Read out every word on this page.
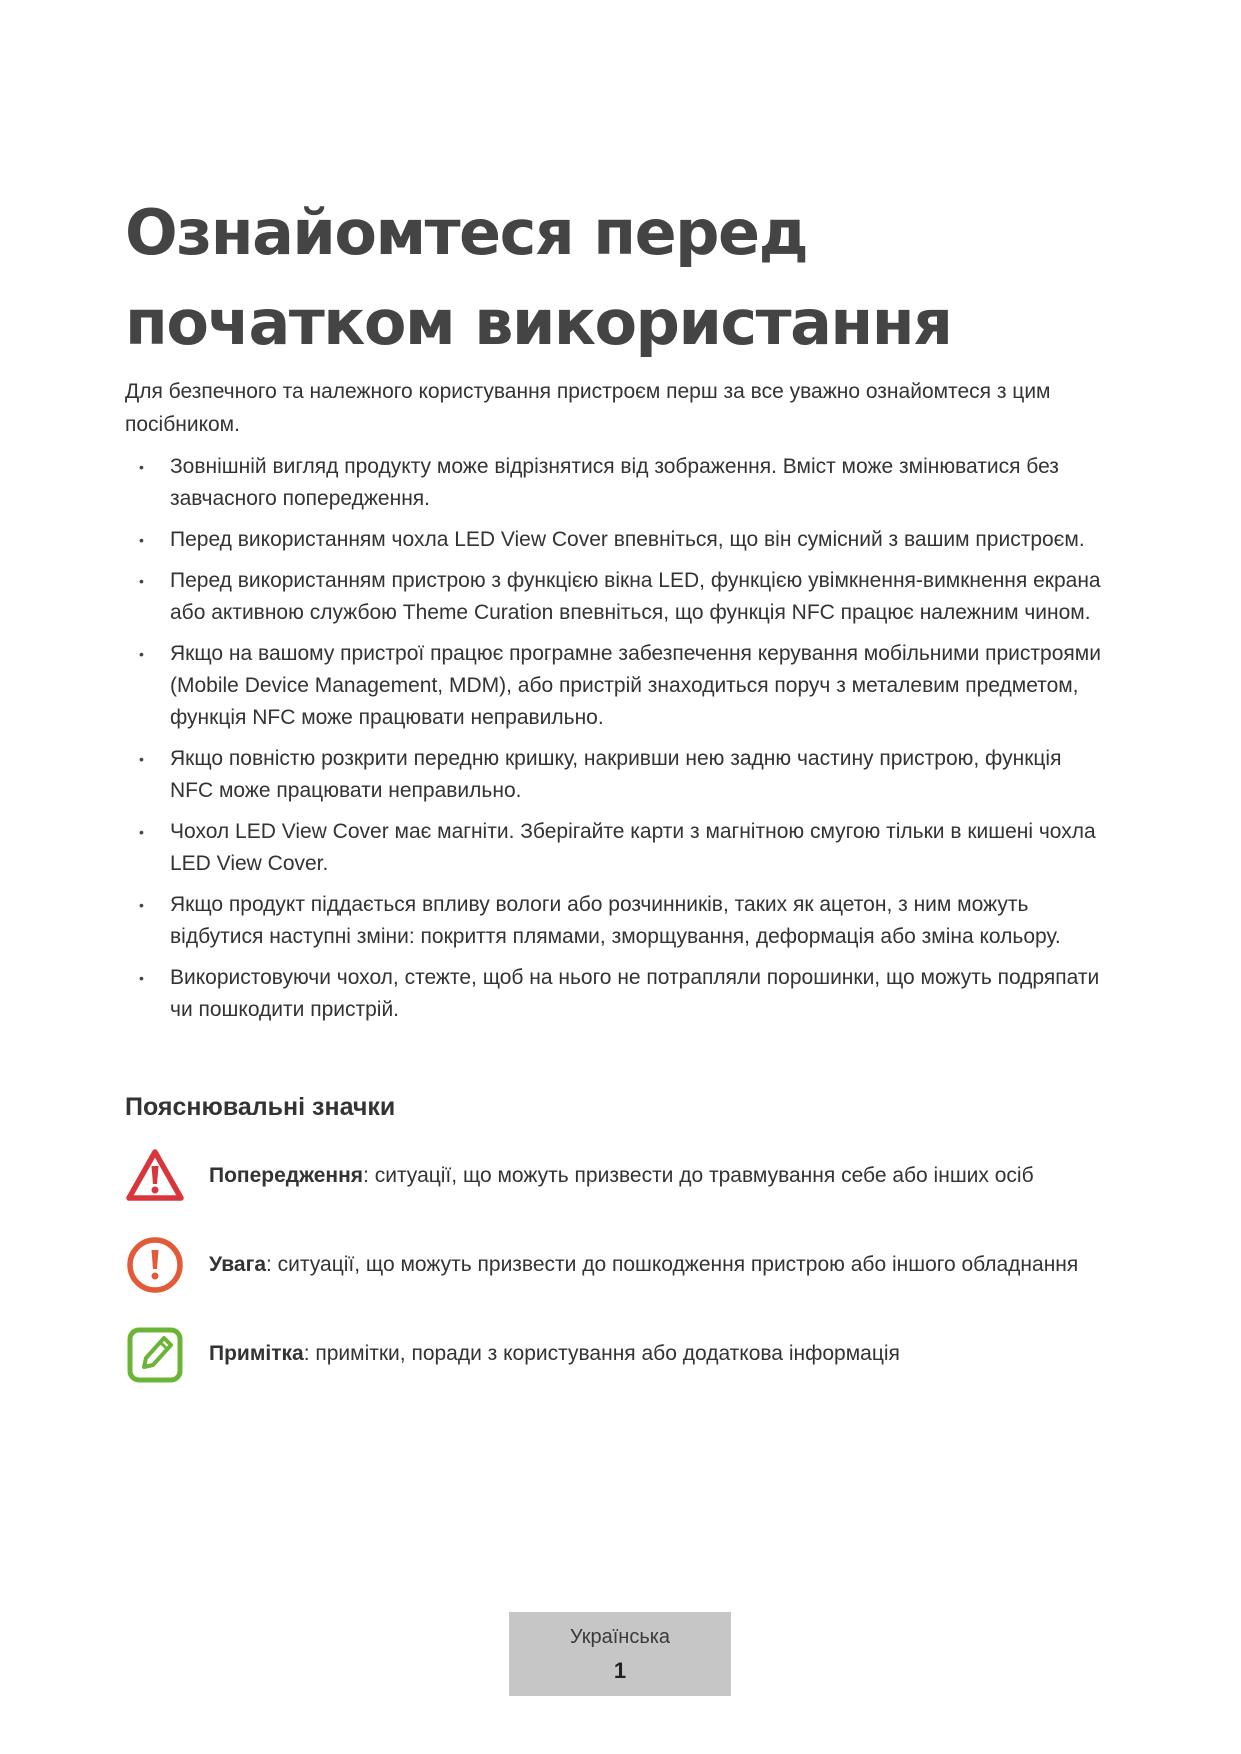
Ознайомтеся перед початком використання

Для безпечного та належного користування пристроєм перш за все уважно ознайомтеся з цим посібником.

• Зовнішній вигляд продукту може відрізнятися від зображення. Вміст може змінюватися без завчасного попередження.
• Перед використанням чохла LED View Cover впевніться, що він сумісний з вашим пристроєм.
• Перед використанням пристрою з функцією вікна LED, функцією увімкнення-вимкнення екрана або активною службою Theme Curation впевніться, що функція NFC працює належним чином.
• Якщо на вашому пристрої працює програмне забезпечення керування мобільними пристроями (Mobile Device Management, MDM), або пристрій знаходиться поруч з металевим предметом, функція NFC може працювати неправильно.
• Якщо повністю розкрити передню кришку, накривши нею задню частину пристрою, функція NFC може працювати неправильно.
• Чохол LED View Cover має магніти. Зберігайте карти з магнітною смугою тільки в кишені чохла LED View Cover.
• Якщо продукт піддається впливу вологи або розчинників, таких як ацетон, з ним можуть відбутися наступні зміни: покриття плямами, зморщування, деформація або зміна кольору.
• Використовуючи чохол, стежте, щоб на нього не потрапляли порошинки, що можуть подряпати чи пошкодити пристрій.
Пояснювальні значки
Попередження: ситуації, що можуть призвести до травмування себе або інших осіб
Увага: ситуації, що можуть призвести до пошкодження пристрою або іншого обладнання
Примітка: примітки, поради з користування або додаткова інформація
Українська
1
